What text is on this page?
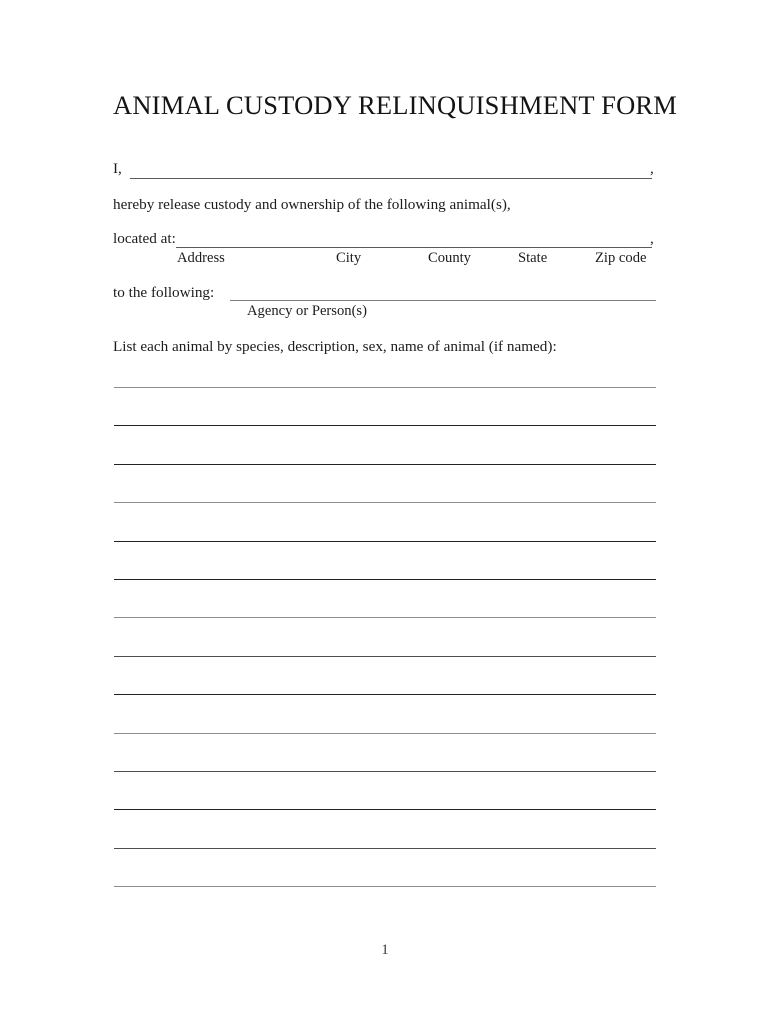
ANIMAL CUSTODY RELINQUISHMENT FORM
I,	,
hereby release custody and ownership of the following animal(s),
located at:	,
Address	City	County	State	Zip code
to the following:
Agency or Person(s)
List each animal by species, description, sex, name of animal (if named):
1
